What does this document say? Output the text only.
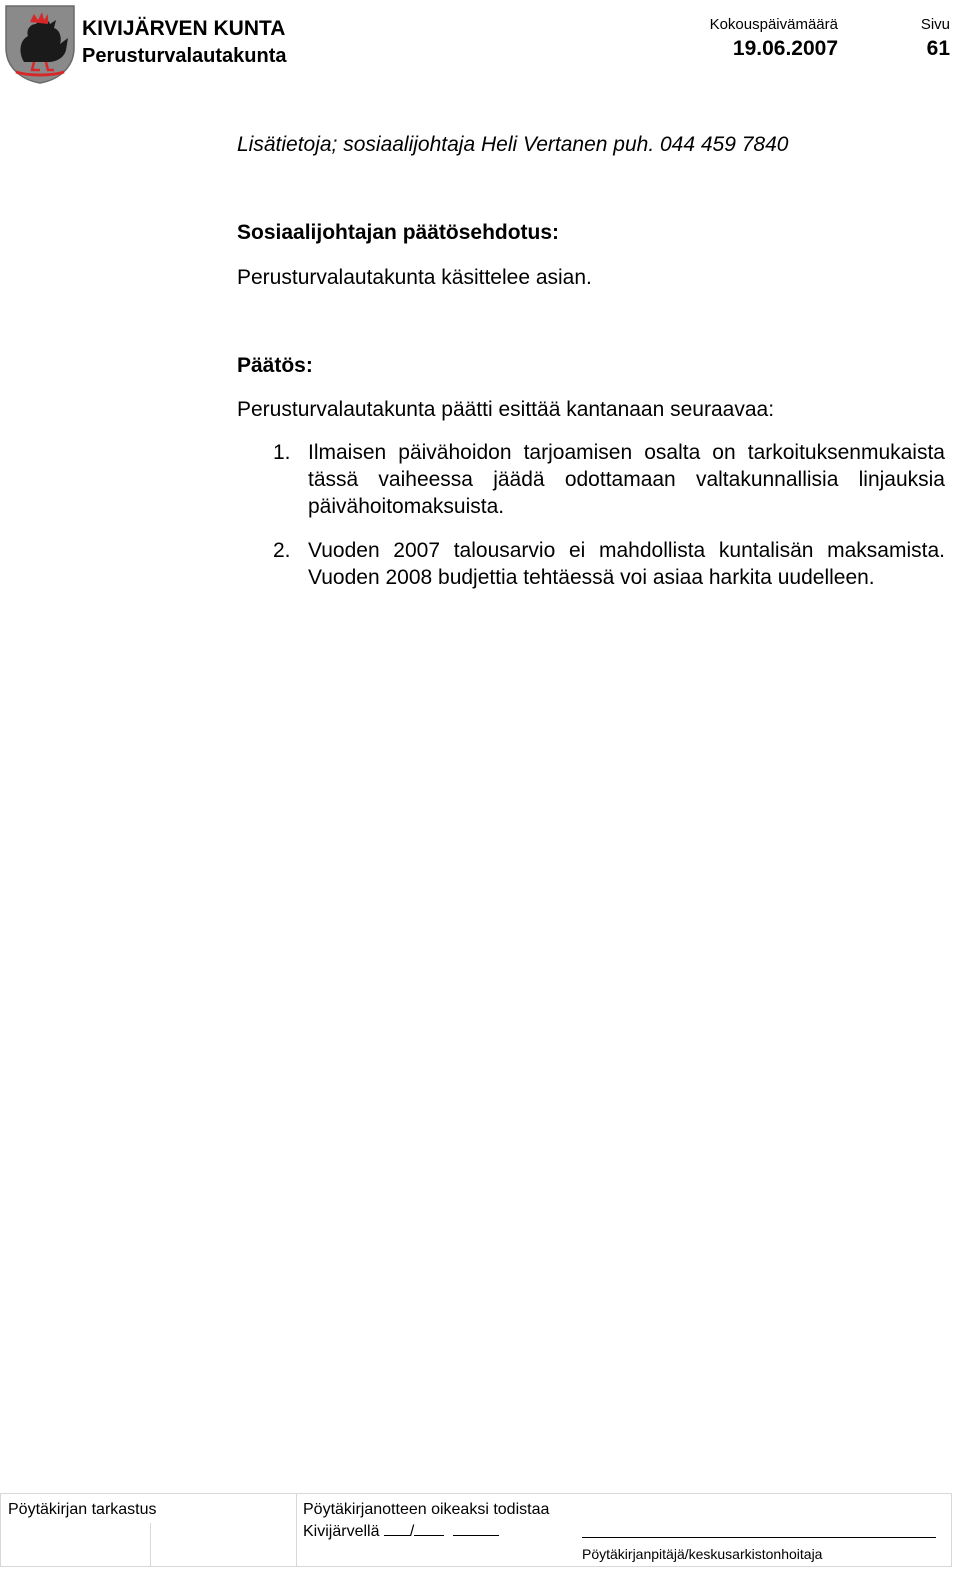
KIVIJÄRVEN KUNTA
Perusturvalautakunta
Kokouspäivämäärä
19.06.2007
Sivu
61
Lisätietoja; sosiaalijohtaja Heli Vertanen puh. 044 459 7840
Sosiaalijohtajan päätösehdotus:
Perusturvalautakunta käsittelee asian.
Päätös:
Perusturvalautakunta päätti esittää kantanaan seuraavaa:
1. Ilmaisen päivähoidon tarjoamisen osalta on tarkoituksenmukaista tässä vaiheessa jäädä odottamaan valtakunnallisia linjauksia päivähoitomaksuista.
2. Vuoden 2007 talousarvio ei mahdollista kuntalisän maksamista. Vuoden 2008 budjettia tehtäessä voi asiaa harkita uudelleen.
Pöytäkirjan tarkastus	Pöytäkirjanotteen oikeaksi todistaa
Kivijärvellä /
Pöytäkirjanpitäjä/keskusarkistonhoitaja
